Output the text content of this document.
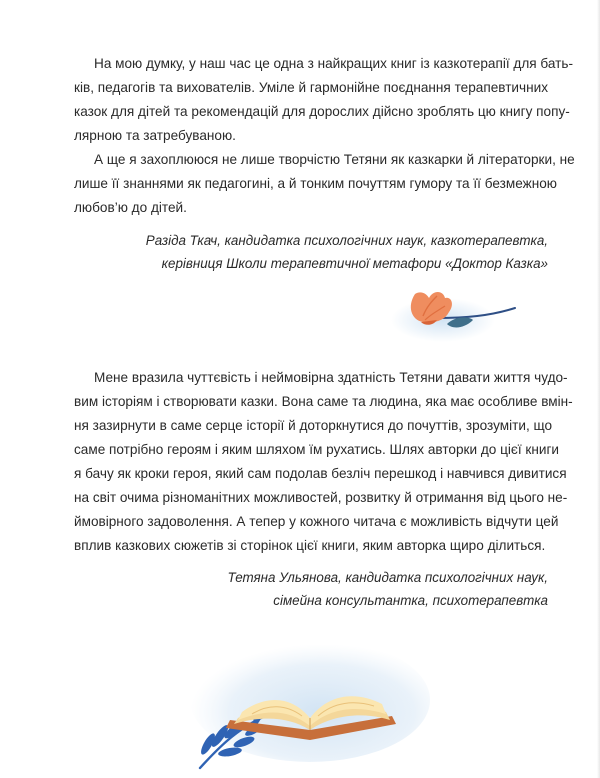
На мою думку, у наш час це одна з найкращих книг із казкотерапії для бать-
ків, педагогів та вихователів. Уміле й гармонійне поєднання терапевтичних
казок для дітей та рекомендацій для дорослих дійсно зроблять цю книгу попу-
лярною та затребуваною.
А ще я захоплююся не лише творчістю Тетяни як казкарки й літераторки, не
лише її знаннями як педагогині, а й тонким почуттям гумору та її безмежною
любов’ю до дітей.
Разіда Ткач, кандидатка психологічних наук, казкотерапевтка,
керівниця Школи терапевтичної метафори «Доктор Казка»
Мене вразила чуттєвість і неймовірна здатність Тетяни давати життя чудо-
вим історіям і створювати казки. Вона саме та людина, яка має особливе вмін-
ня зазирнути в саме серце історії й доторкнутися до почуттів, зрозуміти, що
саме потрібно героям і яким шляхом їм рухатись. Шлях авторки до цієї книги
я бачу як кроки героя, який сам подолав безліч перешкод і навчився дивитися
на світ очима різноманітних можливостей, розвитку й отримання від цього не-
ймовірного задоволення. А тепер у кожного читача є можливість відчути цей
вплив казкових сюжетів зі сторінок цієї книги, яким авторка щиро ділиться.
Тетяна Ульянова, кандидатка психологічних наук,
сімейна консультантка, психотерапевтка
